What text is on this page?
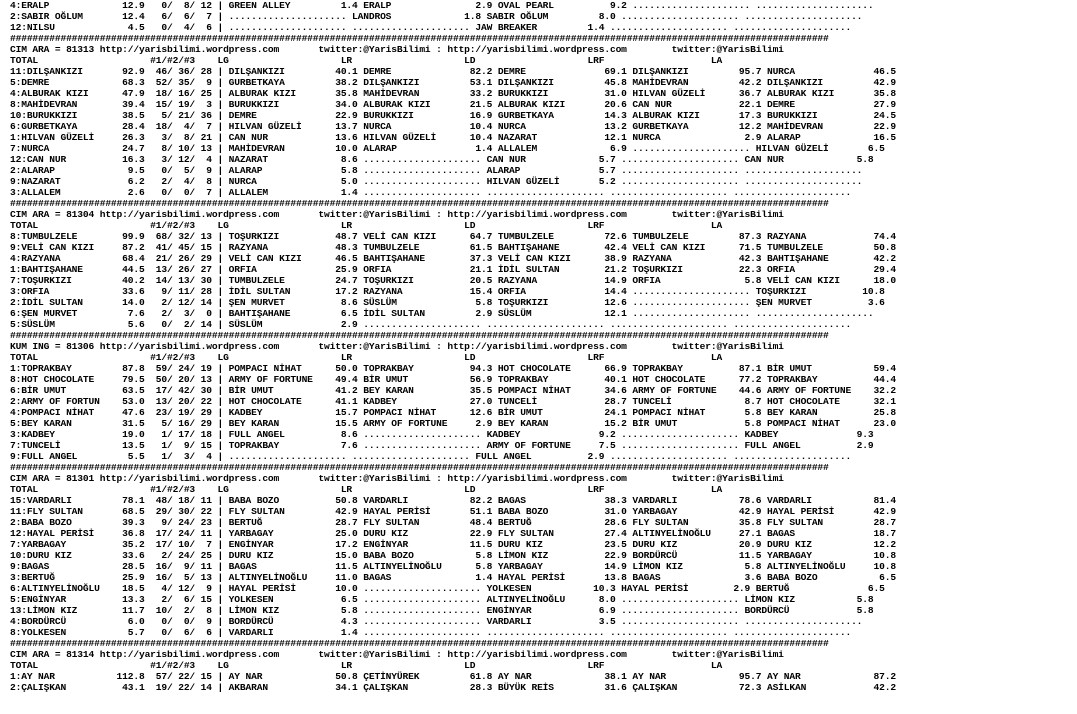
4:ERALP             12.9   0/  8/ 12 | GREEN ALLEY         1.4 ERALP               2.9 OVAL PEARL          9.2 ..................... .....................
2:SABIR OĞLUM       12.4   6/  6/  7 | ..................... LANDROS             1.8 SABIR OĞLUM         8.0 ..................... .....................
12:NILSU             4.5   0/  4/  6 | ..................... ..................... JAW BREAKER         1.4 ..................... .....................
##################################################################################################################################################
CIM ARA = 81313 http://yarisbilimi.wordpress.com       twitter:@YarisBilimi : http://yarisbilimi.wordpress.com        twitter:@YarisBilimi
TOTAL                    #1/#2/#3    LG                    LR                    LD                    LRF                   LA
11:DILŞANKIZI       92.9  46/ 36/ 28 | DILŞANKIZI         40.1 DEMRE              82.2 DEMRE              69.1 DILŞANKIZI         95.7 NURCA              46.5
5:DEMRE             68.3  52/ 35/  9 | GURBETKAYA         38.2 DILŞANKIZI         53.1 DILŞANKIZI         45.8 MAHİDEVRAN         42.2 DILŞANKIZI         42.9
4:ALBURAK KIZI      47.9  18/ 16/ 25 | ALBURAK KIZI       35.8 MAHİDEVRAN         33.2 BURUKKIZI          31.0 HILVAN GÜZELİ      36.7 ALBURAK KIZI       35.8
8:MAHİDEVRAN        39.4  15/ 19/  3 | BURUKKIZI          34.0 ALBURAK KIZI       21.5 ALBURAK KIZI       20.6 CAN NUR            22.1 DEMRE              27.9
10:BURUKKIZI        38.5   5/ 21/ 36 | DEMRE              22.9 BURUKKIZI          16.9 GURBETKAYA         14.3 ALBURAK KIZI       17.3 BURUKKIZI          24.5
6:GURBETKAYA        28.4  18/  4/  7 | HILVAN GÜZELİ      13.7 NURCA              10.4 NURCA              13.2 GURBETKAYA         12.2 MAHİDEVRAN         22.9
1:HILVAN GÜZELİ     26.3   3/  8/ 21 | CAN NUR            13.6 HILVAN GÜZELİ      10.4 NAZARAT            12.1 NURCA               2.9 ALARAP             16.5
7:NURCA             24.7   8/ 10/ 13 | MAHİDEVRAN         10.0 ALARAP              1.4 ALLALEM             6.9 ..................... HILVAN GÜZELİ       6.5
12:CAN NUR          16.3   3/ 12/  4 | NAZARAT             8.6 ..................... CAN NUR             5.7 ..................... CAN NUR             5.8
2:ALARAP             9.5   0/  5/  9 | ALARAP              5.8 ..................... ALARAP              5.7 ..................... .....................
9:NAZARAT            6.2   2/  4/  8 | NURCA               5.0 ..................... HILVAN GÜZELİ       5.2 ..................... .....................
3:ALLALEM            2.6   0/  0/  7 | ALLALEM             1.4 ..................... ..................... ..................... .....................
##################################################################################################################################################
CIM ARA = 81304 http://yarisbilimi.wordpress.com       twitter:@YarisBilimi : http://yarisbilimi.wordpress.com        twitter:@YarisBilimi
TOTAL                    #1/#2/#3    LG                    LR                    LD                    LRF                   LA
8:TUMBULZELE        99.9  68/ 32/ 13 | TOŞURKIZI          48.7 VELİ CAN KIZI      64.7 TUMBULZELE         72.6 TUMBULZELE         87.3 RAZYANA            74.4
9:VELİ CAN KIZI     87.2  41/ 45/ 15 | RAZYANA            48.3 TUMBULZELE         61.5 BAHTIŞAHANE        42.4 VELİ CAN KIZI      71.5 TUMBULZELE         50.8
4:RAZYANA           68.4  21/ 26/ 29 | VELİ CAN KIZI      46.5 BAHTIŞAHANE        37.3 VELİ CAN KIZI      38.9 RAZYANA            42.3 BAHTIŞAHANE        42.2
1:BAHTIŞAHANE       44.5  13/ 26/ 27 | ORFIA              25.9 ORFIA              21.1 İDİL SULTAN        21.2 TOŞURKIZI          22.3 ORFIA              29.4
7:TOŞURKIZI         40.2  14/ 13/ 30 | TUMBULZELE         24.7 TOŞURKIZI          20.5 RAZYANA            14.9 ORFIA               5.8 VELİ CAN KIZI      18.0
3:ORFIA             33.6   9/ 11/ 28 | İDİL SULTAN        17.2 RAZYANA            15.4 ORFIA              14.4 ..................... TOŞURKIZI          10.8
2:İDİL SULTAN       14.0   2/ 12/ 14 | ŞEN MURVET          8.6 SÜSLÜM              5.8 TOŞURKIZI          12.6 ..................... ŞEN MURVET          3.6
6:ŞEN MURVET         7.6   2/  3/  0 | BAHTIŞAHANE         6.5 İDİL SULTAN         2.9 SÜSLÜM             12.1 ..................... .....................
5:SÜSLÜM             5.6   0/  2/ 14 | SÜSLÜM              2.9 ..................... ..................... ..................... .....................
##################################################################################################################################################
KUM ING = 81306 http://yarisbilimi.wordpress.com       twitter:@YarisBilimi : http://yarisbilimi.wordpress.com        twitter:@YarisBilimi
TOTAL                    #1/#2/#3    LG                    LR                    LD                    LRF                   LA
1:TOPRAKBAY         87.8  59/ 24/ 19 | POMPACI NİHAT      50.0 TOPRAKBAY          94.3 HOT CHOCOLATE      66.9 TOPRAKBAY          87.1 BİR UMUT           59.4
8:HOT CHOCOLATE     79.5  50/ 20/ 13 | ARMY OF FORTUNE    49.4 BİR UMUT           56.9 TOPRAKBAY          40.1 HOT CHOCOLATE      77.2 TOPRAKBAY          44.4
6:BİR UMUT          63.5  17/ 42/ 30 | BİR UMUT           41.2 BEY KARAN          35.5 POMPACI NİHAT      34.6 ARMY OF FORTUNE    44.6 ARMY OF FORTUNE    32.2
2:ARMY OF FORTUN    53.0  13/ 20/ 22 | HOT CHOCOLATE      41.1 KADBEY             27.0 TUNCELİ            28.7 TUNCELİ             8.7 HOT CHOCOLATE      32.1
4:POMPACI NİHAT     47.6  23/ 19/ 29 | KADBEY             15.7 POMPACI NİHAT      12.6 BİR UMUT           24.1 POMPACI NİHAT       5.8 BEY KARAN          25.8
5:BEY KARAN         31.5   5/ 16/ 29 | BEY KARAN          15.5 ARMY OF FORTUNE     2.9 BEY KARAN          15.2 BİR UMUT            5.8 POMPACI NİHAT      23.0
3:KADBEY            19.0   1/ 17/ 18 | FULL ANGEL          8.6 ..................... KADBEY              9.2 ..................... KADBEY              9.3
7:TUNCELİ           13.5   1/  9/ 15 | TOPRAKBAY           7.6 ..................... ARMY OF FORTUNE     7.5 ..................... FULL ANGEL          2.9
9:FULL ANGEL         5.5   1/  3/  4 | ..................... ..................... FULL ANGEL          2.9 ..................... .....................
##################################################################################################################################################
CIM ARA = 81301 http://yarisbilimi.wordpress.com       twitter:@YarisBilimi : http://yarisbilimi.wordpress.com        twitter:@YarisBilimi
TOTAL                    #1/#2/#3    LG                    LR                    LD                    LRF                   LA
15:VARDARLI         78.1  48/ 18/ 11 | BABA BOZO          50.8 VARDARLI           82.2 BAGAS              38.3 VARDARLI           78.6 VARDARLI           81.4
11:FLY SULTAN       68.5  29/ 30/ 22 | FLY SULTAN         42.9 HAYAL PERİSİ       51.1 BABA BOZO          31.0 YARBAGAY           42.9 HAYAL PERİSİ       42.9
2:BABA BOZO         39.3   9/ 24/ 23 | BERTUĞ             28.7 FLY SULTAN         48.4 BERTUĞ             28.6 FLY SULTAN         35.8 FLY SULTAN         28.7
12:HAYAL PERİSİ     36.8  17/ 24/ 11 | YARBAGAY           25.0 DURU KIZ           22.9 FLY SULTAN         27.4 ALTINYELİNOĞLU     27.1 BAGAS              18.7
7:YARBAGAY          35.2  17/ 10/  7 | ENGİNYAR           17.2 ENGİNYAR           11.5 DURU KIZ           23.5 DURU KIZ           20.9 DURU KIZ           12.2
10:DURU KIZ         33.6   2/ 24/ 25 | DURU KIZ           15.0 BABA BOZO           5.8 LİMON KIZ          22.9 BORDÜRCÜ           11.5 YARBAGAY           10.8
9:BAGAS             28.5  16/  9/ 11 | BAGAS              11.5 ALTINYELİNOĞLU      5.8 YARBAGAY           14.9 LİMON KIZ           5.8 ALTINYELİNOĞLU     10.8
3:BERTUĞ            25.9  16/  5/ 13 | ALTINYELİNOĞLU     11.0 BAGAS               1.4 HAYAL PERİSİ       13.8 BAGAS               3.6 BABA BOZO           6.5
6:ALTINYELİNOĞLU    18.5   4/ 12/  9 | HAYAL PERİSİ       10.0 ..................... YOLKESEN           10.3 HAYAL PERİSİ        2.9 BERTUĞ              6.5
5:ENGİNYAR          13.3   2/  6/ 15 | YOLKESEN            6.5 ..................... ALTINYELİNOĞLU      8.0 ..................... LİMON KIZ           5.8
13:LİMON KIZ        11.7  10/  2/  8 | LİMON KIZ           5.8 ..................... ENGİNYAR            6.9 ..................... BORDÜRCÜ            5.8
4:BORDÜRCÜ           6.0   0/  0/  9 | BORDÜRCÜ            4.3 ..................... VARDARLI            3.5 ..................... .....................
8:YOLKESEN           5.7   0/  6/  6 | VARDARLI            1.4 ..................... ..................... ..................... .....................
##################################################################################################################################################
CIM ARA = 81314 http://yarisbilimi.wordpress.com       twitter:@YarisBilimi : http://yarisbilimi.wordpress.com        twitter:@YarisBilimi
TOTAL                    #1/#2/#3    LG                    LR                    LD                    LRF                   LA
1:AY NAR           112.8  57/ 22/ 15 | AY NAR             50.8 ÇETİNYÜREK         61.8 AY NAR             38.1 AY NAR             95.7 AY NAR             87.2
2:ÇALIŞKAN          43.1  19/ 22/ 14 | AKBARAN            34.1 ÇALIŞKAN           28.3 BÜYÜK REİS         31.6 ÇALIŞKAN           72.3 ASİLKAN            42.2
